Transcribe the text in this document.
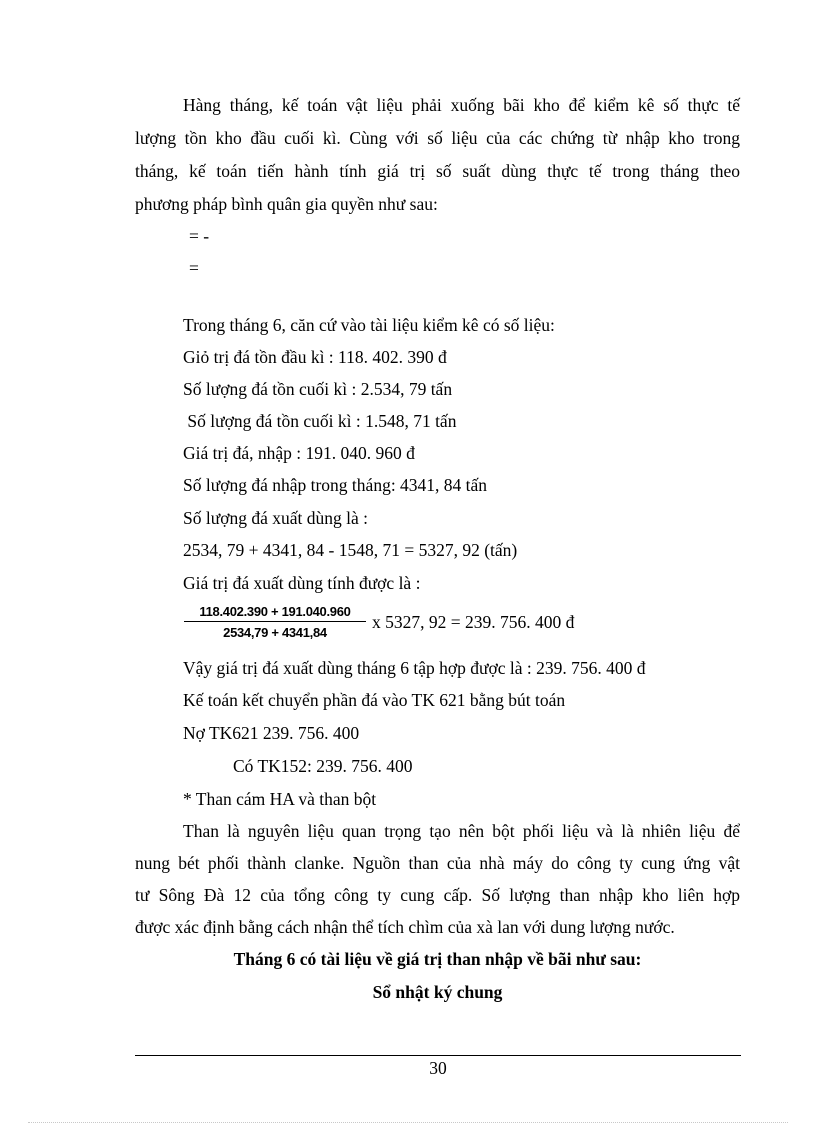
Hàng tháng, kế toán vật liệu phải xuống bãi kho để kiểm kê số thực tế
lượng tồn kho đầu cuối kì. Cùng với số liệu của các chứng từ nhập kho trong
tháng, kế toán tiến hành tính giá trị số suất dùng thực tế trong tháng theo
phương pháp bình quân gia quyền như sau:
= -
=
Trong tháng 6, căn cứ vào tài liệu kiểm kê có số liệu:
Giỏ trị đá tồn đầu kì : 118. 402. 390 đ
Số lượng đá tồn cuối kì : 2.534, 79 tấn
Số lượng đá tồn cuối kì : 1.548, 71 tấn
Giá trị đá, nhập : 191. 040. 960 đ
Số lượng đá nhập trong tháng: 4341, 84 tấn
Số lượng đá xuất dùng là :
2534, 79 + 4341, 84 - 1548, 71 = 5327, 92 (tấn)
Giá trị đá xuất dùng tính được là :
118.402.390 + 191.040.960
2534,79 + 4341,84
x 5327, 92 = 239. 756. 400 đ
Vậy giá trị đá xuất dùng tháng 6 tập hợp được là : 239. 756. 400 đ
Kế toán kết chuyển phần đá vào TK 621 bằng bút toán
Nợ TK621 239. 756. 400
Có TK152: 239. 756. 400
* Than cám HA và than bột
Than là nguyên liệu quan trọng tạo nên bột phối liệu và là nhiên liệu để
nung bét phối thành clanke. Nguồn than của nhà máy do công ty cung ứng vật
tư Sông Đà 12 của tổng công ty cung cấp. Số lượng than nhập kho liên hợp
được xác định bằng cách nhận thể tích chìm của xà lan với dung lượng nước.
Tháng 6 có tài liệu về giá trị than nhập về bãi như sau:
Sổ nhật ký chung
30
